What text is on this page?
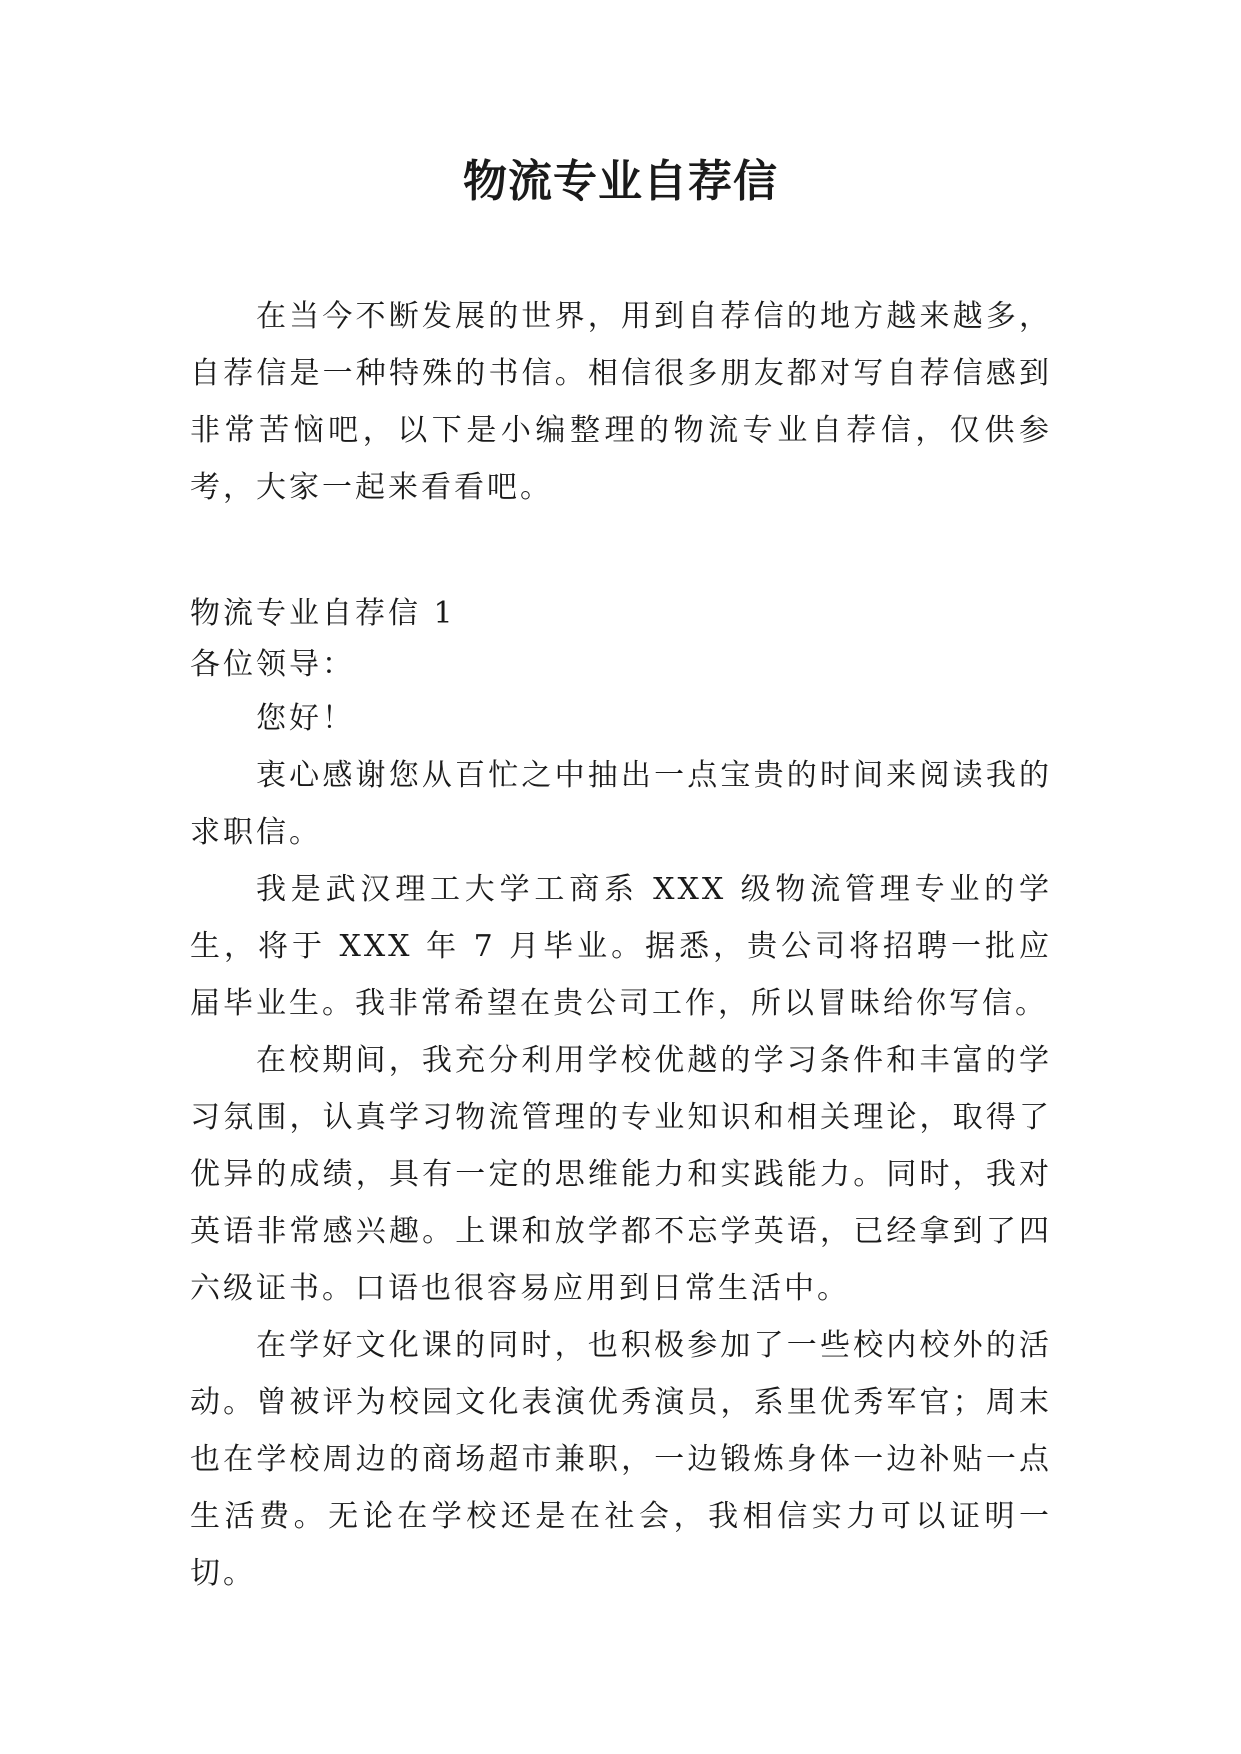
物流专业自荐信

在当今不断发展的世界，用到自荐信的地方越来越多，自荐信是一种特殊的书信。相信很多朋友都对写自荐信感到非常苦恼吧，以下是小编整理的物流专业自荐信，仅供参考，大家一起来看看吧。

物流专业自荐信 1

各位领导：

您好！

衷心感谢您从百忙之中抽出一点宝贵的时间来阅读我的求职信。

我是武汉理工大学工商系 XXX 级物流管理专业的学生，将于 XXX 年 7 月毕业。据悉，贵公司将招聘一批应届毕业生。我非常希望在贵公司工作，所以冒昧给你写信。

在校期间，我充分利用学校优越的学习条件和丰富的学习氛围，认真学习物流管理的专业知识和相关理论，取得了优异的成绩，具有一定的思维能力和实践能力。同时，我对英语非常感兴趣。上课和放学都不忘学英语，已经拿到了四六级证书。口语也很容易应用到日常生活中。

在学好文化课的同时，也积极参加了一些校内校外的活动。曾被评为校园文化表演优秀演员，系里优秀军官；周末也在学校周边的商场超市兼职，一边锻炼身体一边补贴一点生活费。无论在学校还是在社会，我相信实力可以证明一切。
